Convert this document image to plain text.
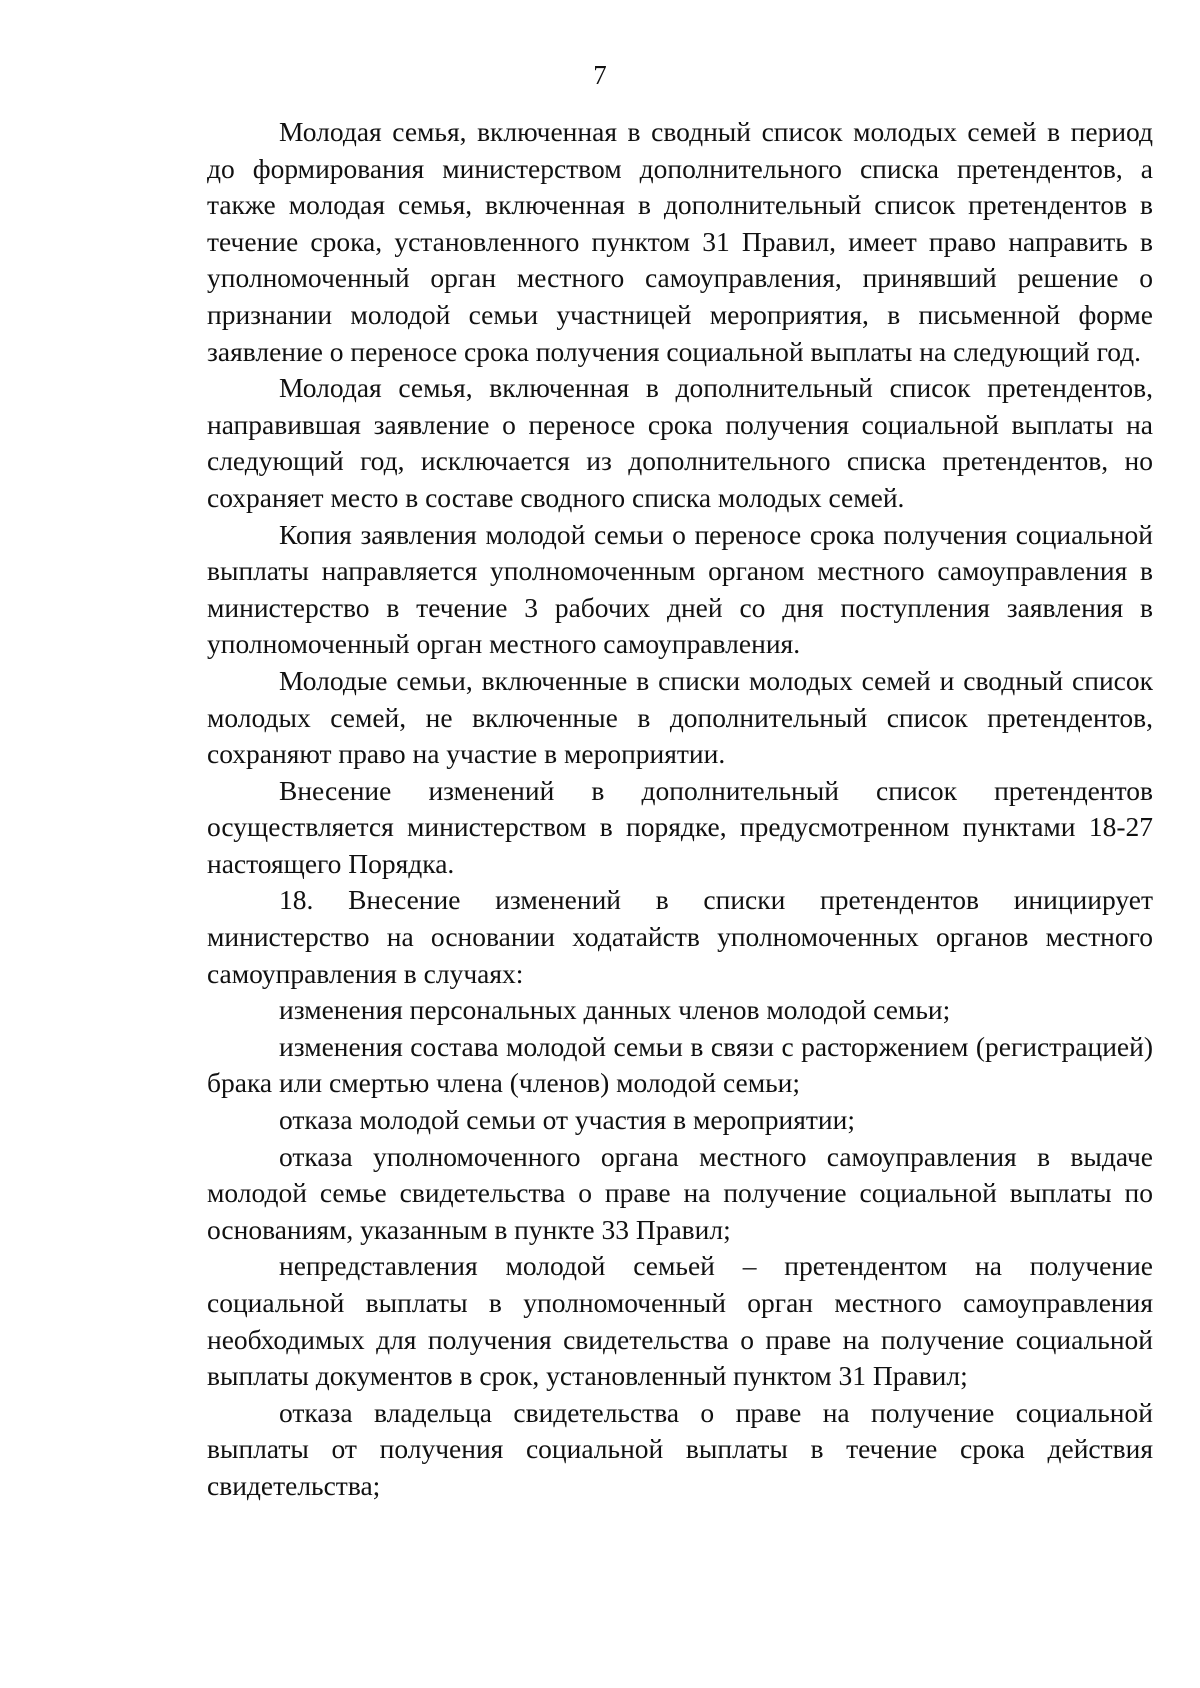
7

Молодая семья, включенная в сводный список молодых семей в период до формирования министерством дополнительного списка претендентов, а также молодая семья, включенная в дополнительный список претендентов в течение срока, установленного пунктом 31 Правил, имеет право направить в уполномоченный орган местного самоуправления, принявший решение о признании молодой семьи участницей мероприятия, в письменной форме заявление о переносе срока получения социальной выплаты на следующий год.

Молодая семья, включенная в дополнительный список претендентов, направившая заявление о переносе срока получения социальной выплаты на следующий год, исключается из дополнительного списка претендентов, но сохраняет место в составе сводного списка молодых семей.

Копия заявления молодой семьи о переносе срока получения социальной выплаты направляется уполномоченным органом местного самоуправления в министерство в течение 3 рабочих дней со дня поступления заявления в уполномоченный орган местного самоуправления.

Молодые семьи, включенные в списки молодых семей и сводный список молодых семей, не включенные в дополнительный список претендентов, сохраняют право на участие в мероприятии.

Внесение изменений в дополнительный список претендентов осуществляется министерством в порядке, предусмотренном пунктами 18-27 настоящего Порядка.

18. Внесение изменений в списки претендентов инициирует министерство на основании ходатайств уполномоченных органов местного самоуправления в случаях:

изменения персональных данных членов молодой семьи;

изменения состава молодой семьи в связи с расторжением (регистрацией) брака или смертью члена (членов) молодой семьи;

отказа молодой семьи от участия в мероприятии;

отказа уполномоченного органа местного самоуправления в выдаче молодой семье свидетельства о праве на получение социальной выплаты по основаниям, указанным в пункте 33 Правил;

непредставления молодой семьей – претендентом на получение социальной выплаты в уполномоченный орган местного самоуправления необходимых для получения свидетельства о праве на получение социальной выплаты документов в срок, установленный пунктом 31 Правил;

отказа владельца свидетельства о праве на получение социальной выплаты от получения социальной выплаты в течение срока действия свидетельства;
